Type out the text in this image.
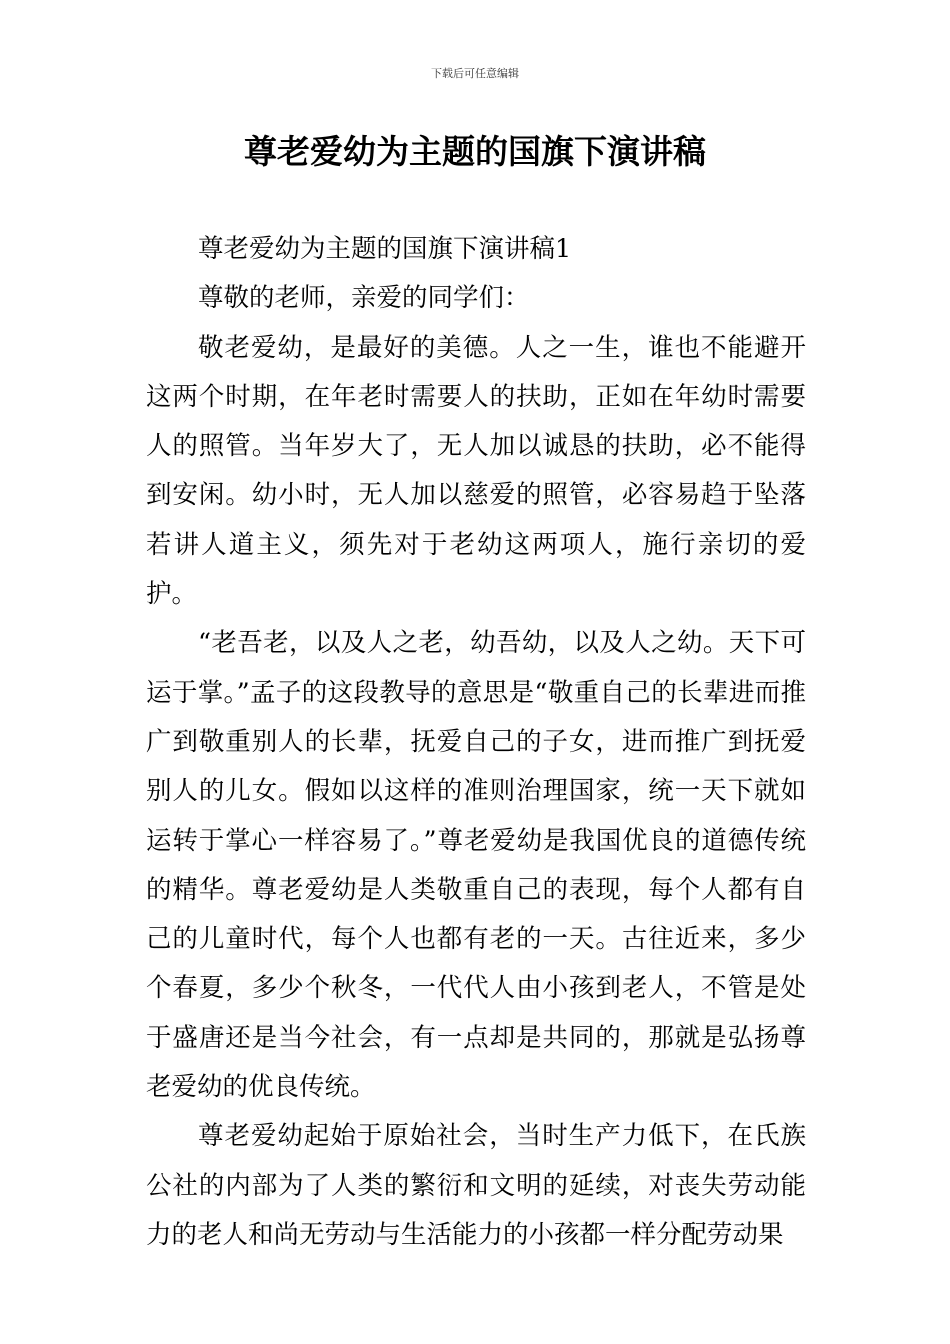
下载后可任意编辑
尊老爱幼为主题的国旗下演讲稿

尊老爱幼为主题的国旗下演讲稿1

尊敬的老师，亲爱的同学们：

敬老爱幼，是最好的美德。人之一生，谁也不能避开这两个时期，在年老时需要人的扶助，正如在年幼时需要人的照管。当年岁大了，无人加以诚恳的扶助，必不能得到安闲。幼小时，无人加以慈爱的照管，必容易趋于坠落若讲人道主义，须先对于老幼这两项人，施行亲切的爱护。

“老吾老，以及人之老，幼吾幼，以及人之幼。天下可运于掌。”孟子的这段教导的意思是“敬重自己的长辈进而推广到敬重别人的长辈，抚爱自己的子女，进而推广到抚爱别人的儿女。假如以这样的准则治理国家，统一天下就如运转于掌心一样容易了。”尊老爱幼是我国优良的道德传统的精华。尊老爱幼是人类敬重自己的表现，每个人都有自己的儿童时代，每个人也都有老的一天。古往近来，多少个春夏，多少个秋冬，一代代人由小孩到老人，不管是处于盛唐还是当今社会，有一点却是共同的，那就是弘扬尊老爱幼的优良传统。

尊老爱幼起始于原始社会，当时生产力低下，在氏族公社的内部为了人类的繁衍和文明的延续，对丧失劳动能力的老人和尚无劳动与生活能力的小孩都一样分配劳动果
